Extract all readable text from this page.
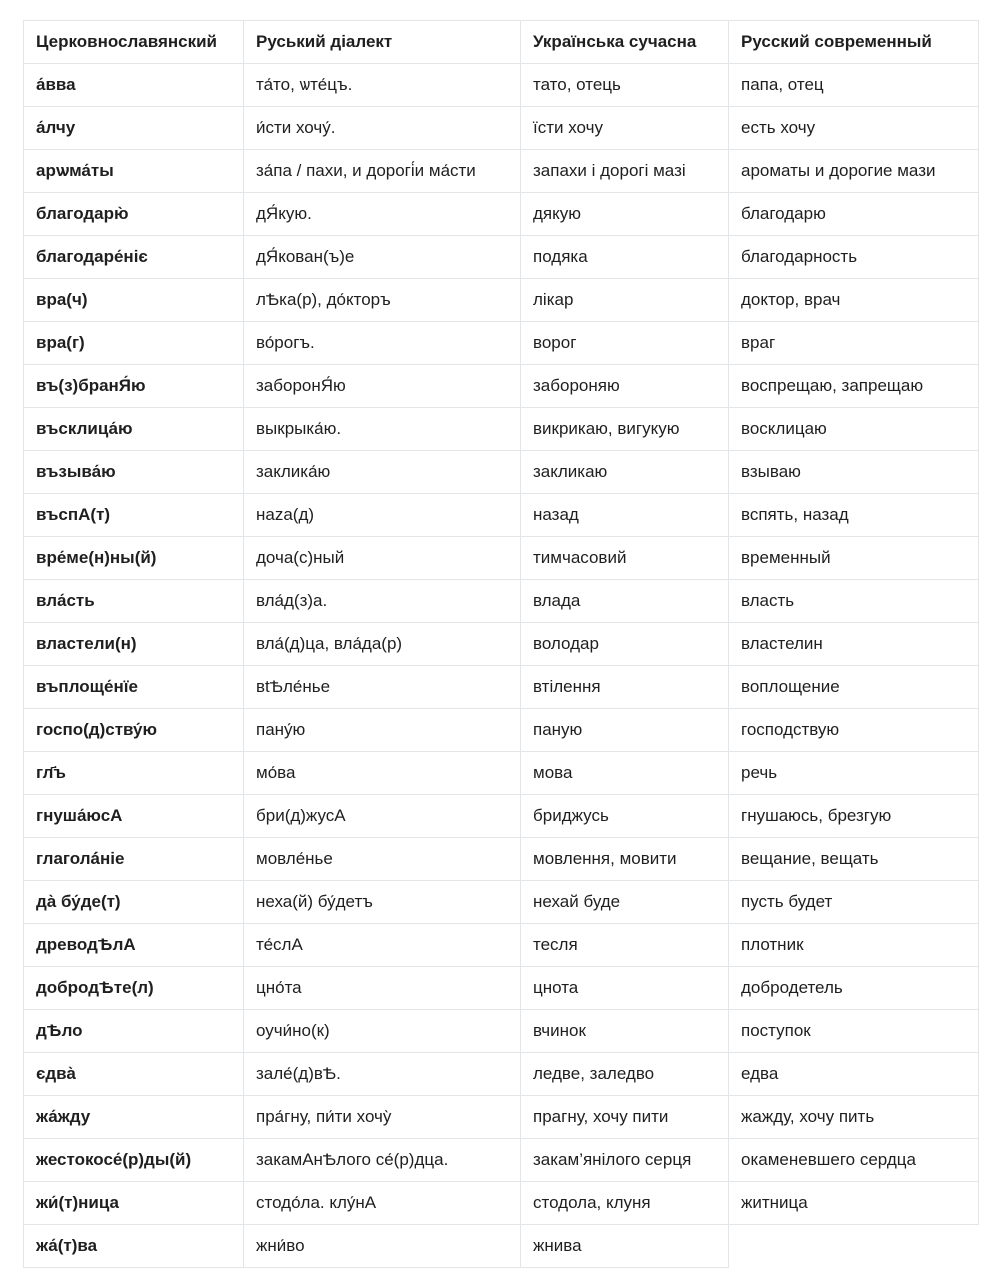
Церковнославянский	Руський діалект	Українська сучасна	Русский современный
а́вва	та́то, ѡте́цъ.	тато, отець	папа, отец
а́лчу	и́сти хочу́.	їсти хочу	есть хочу
арѡма́ты	за́па / пахи, и дорогі́и ма́сти	запахи і дорогі мазі	ароматы и дорогие мази
благодарю̀	дЯ́кую.	дякую	благодарю
благодаре́ніє	дЯ́кован(ъ)е	подяка	благодарность
вра(ч)	лѢка(р), до́кторъ	лікар	доктор, врач
вра(г)	во́рогъ.	ворог	враг
въ(з)бранЯ́ю	заборонЯ́ю	забороняю	воспрещаю, запрещаю
въсклица́ю	выкрыка́ю.	викрикаю, вигукую	восклицаю
възыва́ю	заклика́ю	закликаю	взываю
въспА(т)	наzа(д)	назад	вспять, назад
вре́ме(н)ны(й)	доча(с)ный	тимчасовий	временный
вла́сть	вла́д(з)а.	влада	власть
властели(н)	вла́(д)ца, вла́да(р)	володар	властелин
въплоще́нїе	вtѢле́нье	втілення	воплощение
госпо(д)ству́ю	пану́ю	паную	господствую
гл҃ъ	мо́ва	мова	речь
гнуша́юсА	бри(д)жусА	бриджусь	гнушаюсь, брезгую
глаголá́ніе	мовле́нье	мовлення, мовити	вещание, вещать
да̀ бу́де(т)	неха(й) бу́детъ	нехай буде	пусть будет
древодѢлА	те́слА	тесля	плотник
добродѢте(л)	цно́та	цнота	добродетель
дѢло	оучи́но(к)	вчинок	поступок
єдва̀	зале́(д)вѢ.	ледве, заледво	едва
жа́жду	пра́гну, пи́ти хочу̀	прагну, хочу пити	жажду, хочу пить
жестокосе́(р)ды(й)	закамАнѢлого се́(р)дца.	закам’янілого серця	окаменевшего сердца
жи́(т)ница	стодо́ла. клу́нА	стодола, клуня	житница
жа́(т)ва	жни́во	жнива	
